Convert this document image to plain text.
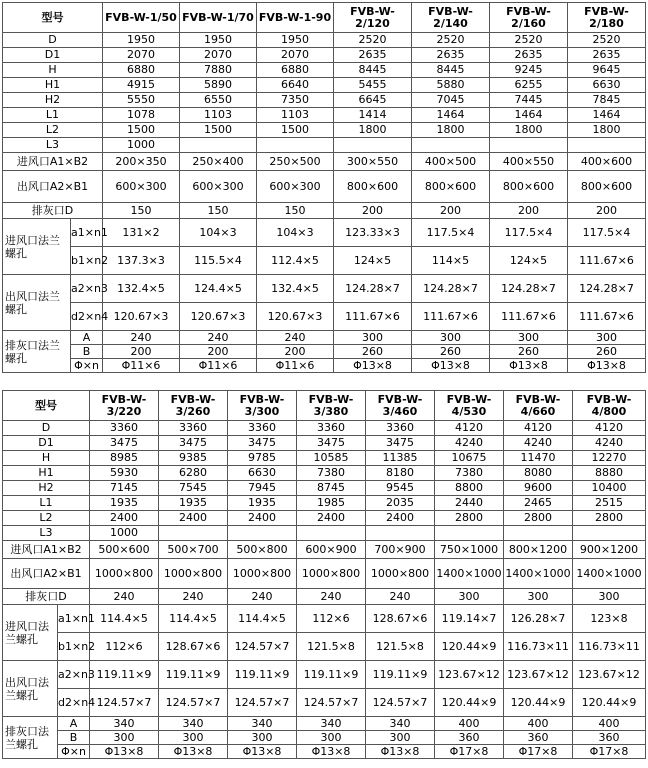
型号		FVB-W-1/50	FVB-W-1/70	FVB-W-1-90	FVB-W-2/120	FVB-W-2/140	FVB-W-2/160	FVB-W-2/180
D		1950	1950	1950	2520	2520	2520	2520
D1		2070	2070	2070	2635	2635	2635	2635
H		6880	7880	6880	8445	8445	9245	9645
H1		4915	5890	6640	5455	5880	6255	6630
H2		5550	6550	7350	6645	7045	7445	7845
L1		1078	1103	1103	1414	1464	1464	1464
L2		1500	1500	1500	1800	1800	1800	1800
L3		1000						
进风口A1×B2		200×350	250×400	250×500	300×550	400×500	400×550	400×600
出风口A2×B1		600×300	600×300	600×300	800×600	800×600	800×600	800×600
排灰口D		150	150	150	200	200	200	200
进风口法兰螺孔	a1×n1	131×2	104×3	104×3	123.33×3	117.5×4	117.5×4	117.5×4
	b1×n2	137.3×3	115.5×4	112.4×5	124×5	114×5	124×5	111.67×6
出风口法兰螺孔	a2×n3	132.4×5	124.4×5	132.4×5	124.28×7	124.28×7	124.28×7	124.28×7
	d2×n4	120.67×3	120.67×3	120.67×3	111.67×6	111.67×6	111.67×6	111.67×6
排灰口法兰螺孔	A	240	240	240	300	300	300	300
	B	200	200	200	260	260	260	260
	Φ×n	Φ11×6	Φ11×6	Φ11×6	Φ13×8	Φ13×8	Φ13×8	Φ13×8
型号		FVB-W-3/220	FVB-W-3/260	FVB-W-3/300	FVB-W-3/380	FVB-W-3/460	FVB-W-4/530	FVB-W-4/660	FVB-W-4/800
D		3360	3360	3360	3360	3360	4120	4120	4120
D1		3475	3475	3475	3475	3475	4240	4240	4240
H		8985	9385	9785	10585	11385	10675	11470	12270
H1		5930	6280	6630	7380	8180	7380	8080	8880
H2		7145	7545	7945	8745	9545	8800	9600	10400
L1		1935	1935	1935	1985	2035	2440	2465	2515
L2		2400	2400	2400	2400	2400	2800	2800	2800
L3		1000							
进风口A1×B2		500×600	500×700	500×800	600×900	700×900	750×1000	800×1200	900×1200
出风口A2×B1		1000×800	1000×800	1000×800	1000×800	1000×800	1400×1000	1400×1000	1400×1000
排灰口D		240	240	240	240	240	300	300	300
进风口法兰螺孔	a1×n1	114.4×5	114.4×5	114.4×5	112×6	128.67×6	119.14×7	126.28×7	123×8
	b1×n2	112×6	128.67×6	124.57×7	121.5×8	121.5×8	120.44×9	116.73×11	116.73×11
出风口法兰螺孔	a2×n3	119.11×9	119.11×9	119.11×9	119.11×9	119.11×9	123.67×12	123.67×12	123.67×12
	d2×n4	124.57×7	124.57×7	124.57×7	124.57×7	124.57×7	120.44×9	120.44×9	120.44×9
排灰口法兰螺孔	A	340	340	340	340	340	400	400	400
	B	300	300	300	300	300	360	360	360
	Φ×n	Φ13×8	Φ13×8	Φ13×8	Φ13×8	Φ13×8	Φ17×8	Φ17×8	Φ17×8
